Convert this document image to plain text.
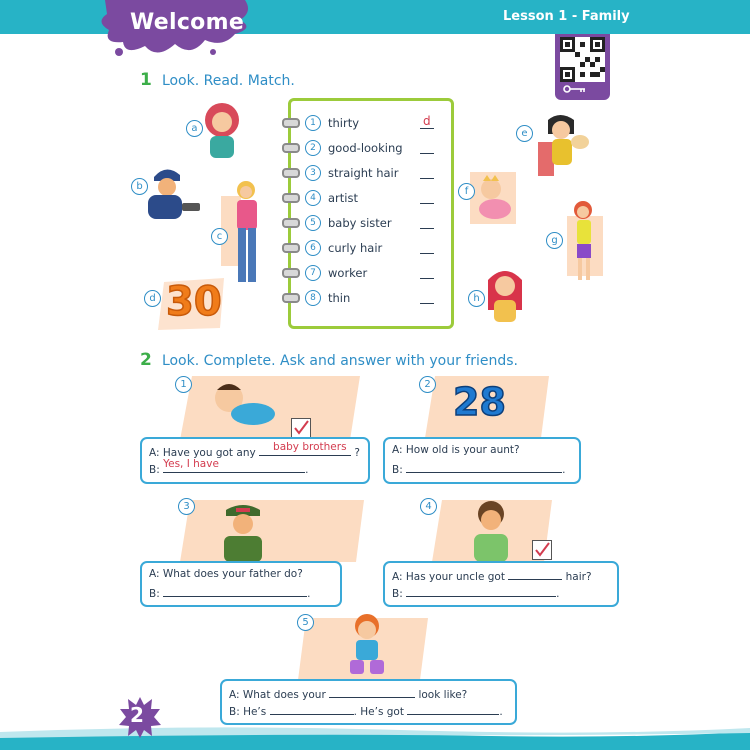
Welcome	Lesson 1 - Family
1 Look. Read. Match.
a
b
c
d 30
1 thirty	d
2 good-looking
3 straight hair
4 artist
5 baby sister
6 curly hair
7 worker
8 thin
e
f
g
h
2 Look. Complete. Ask and answer with your friends.
1
A: Have you got any baby brothers ?
B: Yes, I have	.
2 28
A: How old is your aunt?
B:	.
3
A: What does your father do?
B:	.
4
A: Has your uncle got	hair?
B:	.
5
A: What does your	look like?
B: He’s	. He’s got	.
2
